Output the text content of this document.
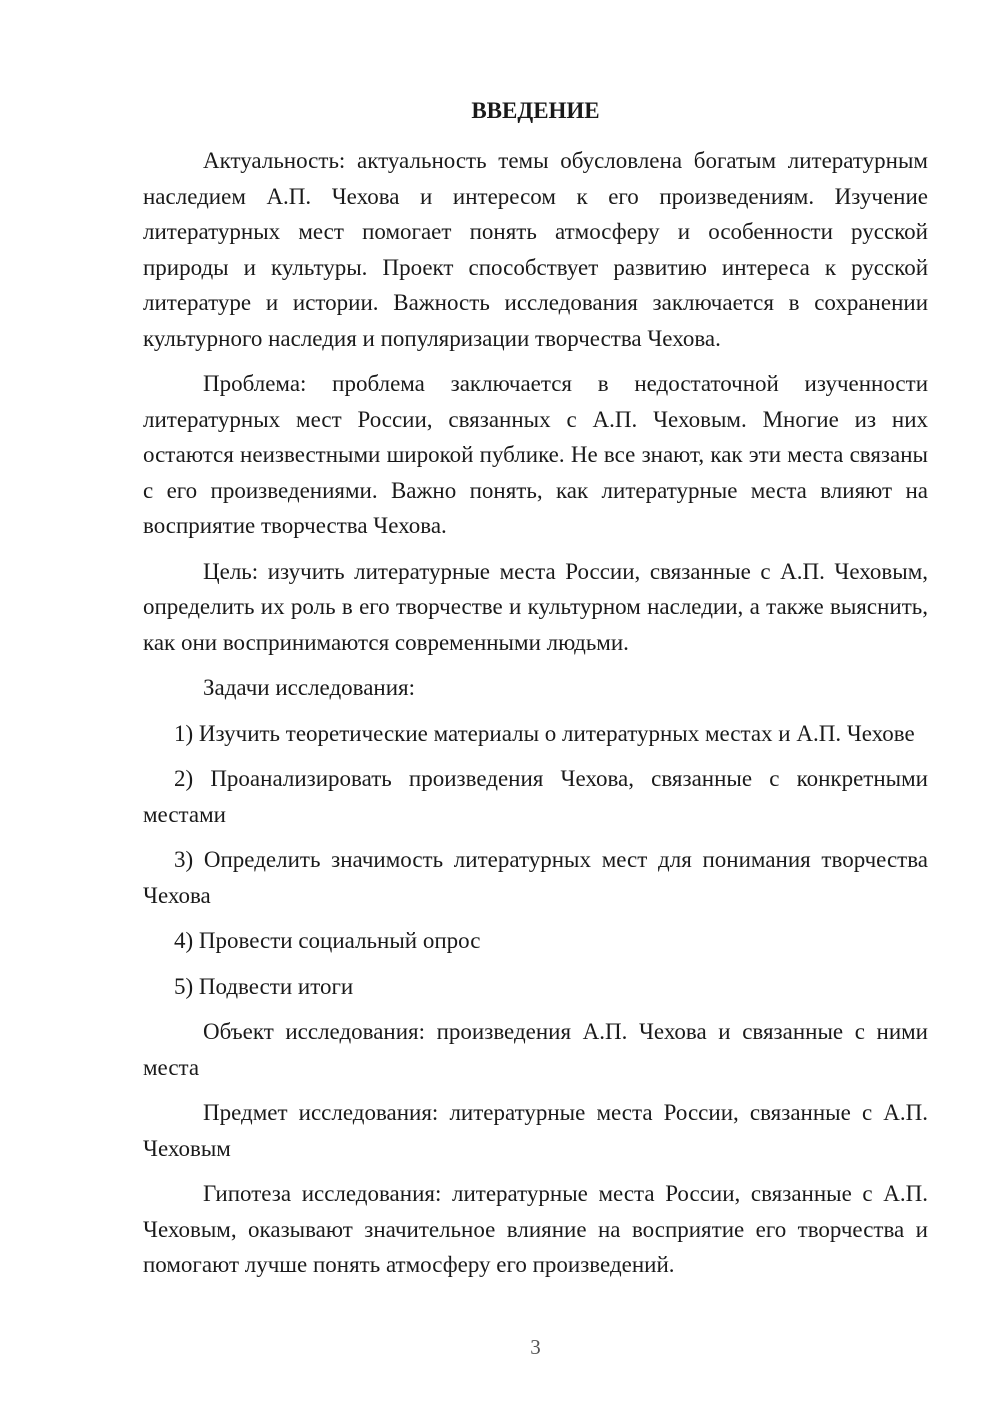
ВВЕДЕНИЕ

Актуальность: актуальность темы обусловлена богатым литературным наследием А.П. Чехова и интересом к его произведениям. Изучение литературных мест помогает понять атмосферу и особенности русской природы и культуры. Проект способствует развитию интереса к русской литературе и истории. Важность исследования заключается в сохранении культурного наследия и популяризации творчества Чехова.

Проблема: проблема заключается в недостаточной изученности литературных мест России, связанных с А.П. Чеховым. Многие из них остаются неизвестными широкой публике. Не все знают, как эти места связаны с его произведениями. Важно понять, как литературные места влияют на восприятие творчества Чехова.

Цель: изучить литературные места России, связанные с А.П. Чеховым, определить их роль в его творчестве и культурном наследии, а также выяснить, как они воспринимаются современными людьми.

Задачи исследования:

1) Изучить теоретические материалы о литературных местах и А.П. Чехове

2) Проанализировать произведения Чехова, связанные с конкретными местами

3) Определить значимость литературных мест для понимания творчества Чехова

4) Провести социальный опрос

5) Подвести итоги

Объект исследования: произведения А.П. Чехова и связанные с ними места

Предмет исследования: литературные места России, связанные с А.П. Чеховым

Гипотеза исследования: литературные места России, связанные с А.П. Чеховым, оказывают значительное влияние на восприятие его творчества и помогают лучше понять атмосферу его произведений.

3
